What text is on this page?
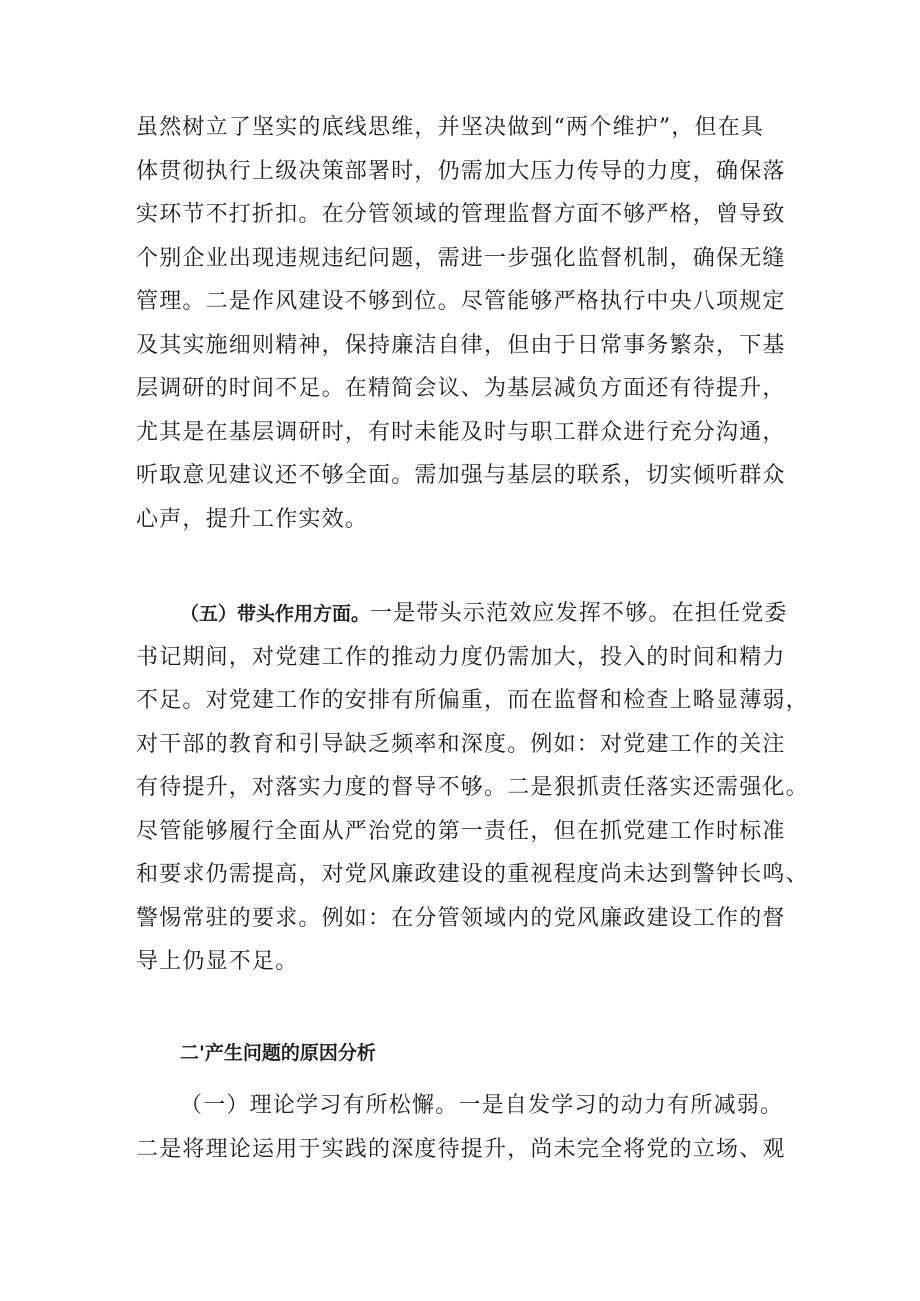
虽然树立了坚实的底线思维，并坚决做到“两个维护”，但在具
体贯彻执行上级决策部署时，仍需加大压力传导的力度，确保落
实环节不打折扣。在分管领域的管理监督方面不够严格，曾导致
个别企业出现违规违纪问题，需进一步强化监督机制，确保无缝
管理。二是作风建设不够到位。尽管能够严格执行中央八项规定
及其实施细则精神，保持廉洁自律，但由于日常事务繁杂，下基
层调研的时间不足。在精简会议、为基层减负方面还有待提升，
尤其是在基层调研时，有时未能及时与职工群众进行充分沟通，
听取意见建议还不够全面。需加强与基层的联系，切实倾听群众
心声，提升工作实效。
（五）带头作用方面。一是带头示范效应发挥不够。在担任党委
书记期间，对党建工作的推动力度仍需加大，投入的时间和精力
不足。对党建工作的安排有所偏重，而在监督和检查上略显薄弱，
对干部的教育和引导缺乏频率和深度。例如：对党建工作的关注
有待提升，对落实力度的督导不够。二是狠抓责任落实还需强化。
尽管能够履行全面从严治党的第一责任，但在抓党建工作时标准
和要求仍需提高，对党风廉政建设的重视程度尚未达到警钟长鸣、
警惕常驻的要求。例如：在分管领域内的党风廉政建设工作的督
导上仍显不足。
二'产生问题的原因分析
（一）理论学习有所松懈。一是自发学习的动力有所减弱。
二是将理论运用于实践的深度待提升，尚未完全将党的立场、观
